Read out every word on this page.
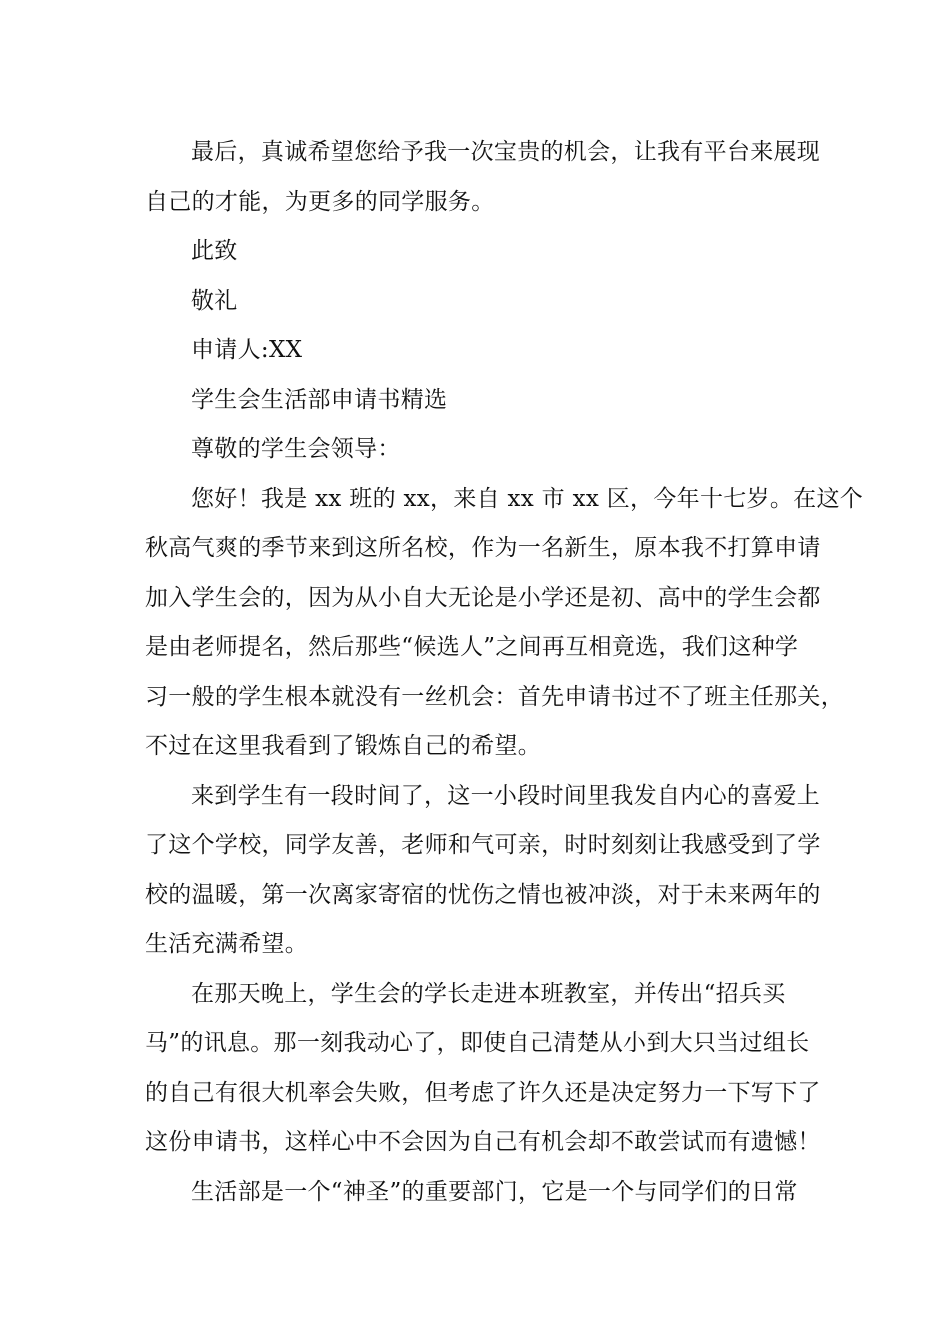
最后，真诚希望您给予我一次宝贵的机会，让我有平台来展现
自己的才能，为更多的同学服务。
此致
敬礼
申请人:XX
学生会生活部申请书精选
尊敬的学生会领导：
您好！我是 xx 班的 xx，来自 xx 市 xx 区，今年十七岁。在这个
秋高气爽的季节来到这所名校，作为一名新生，原本我不打算申请
加入学生会的，因为从小自大无论是小学还是初、高中的学生会都
是由老师提名，然后那些“候选人”之间再互相竟选，我们这种学
习一般的学生根本就没有一丝机会：首先申请书过不了班主任那关，
不过在这里我看到了锻炼自己的希望。
来到学生有一段时间了，这一小段时间里我发自内心的喜爱上
了这个学校，同学友善，老师和气可亲，时时刻刻让我感受到了学
校的温暖，第一次离家寄宿的忧伤之情也被冲淡，对于未来两年的
生活充满希望。
在那天晚上，学生会的学长走进本班教室，并传出“招兵买
马”的讯息。那一刻我动心了，即使自己清楚从小到大只当过组长
的自己有很大机率会失败，但考虑了许久还是决定努力一下写下了
这份申请书，这样心中不会因为自己有机会却不敢尝试而有遗憾！
生活部是一个“神圣”的重要部门，它是一个与同学们的日常
